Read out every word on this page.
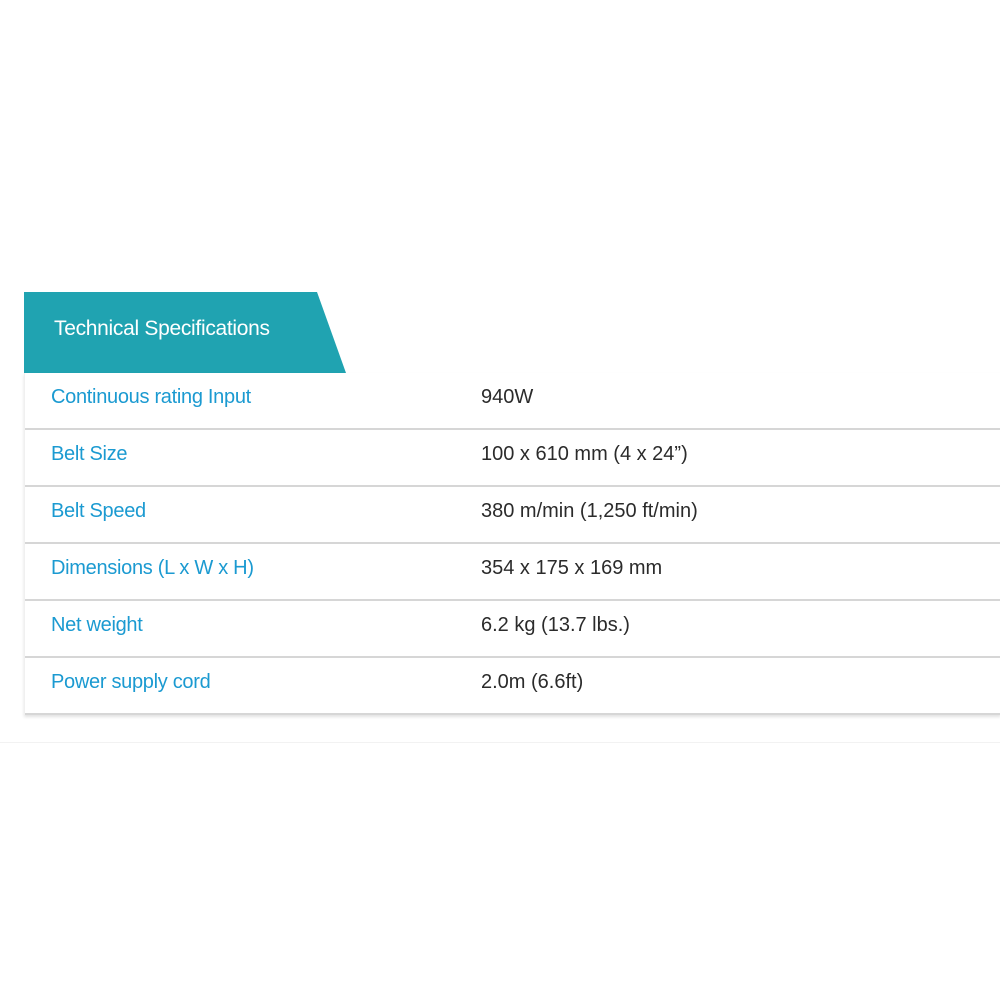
Technical Specifications
Continuous rating Input	940W
Belt Size	100 x 610 mm (4 x 24”)
Belt Speed	380 m/min (1,250 ft/min)
Dimensions (L x W x H)	354 x 175 x 169 mm
Net weight	6.2 kg (13.7 lbs.)
Power supply cord	2.0m (6.6ft)
